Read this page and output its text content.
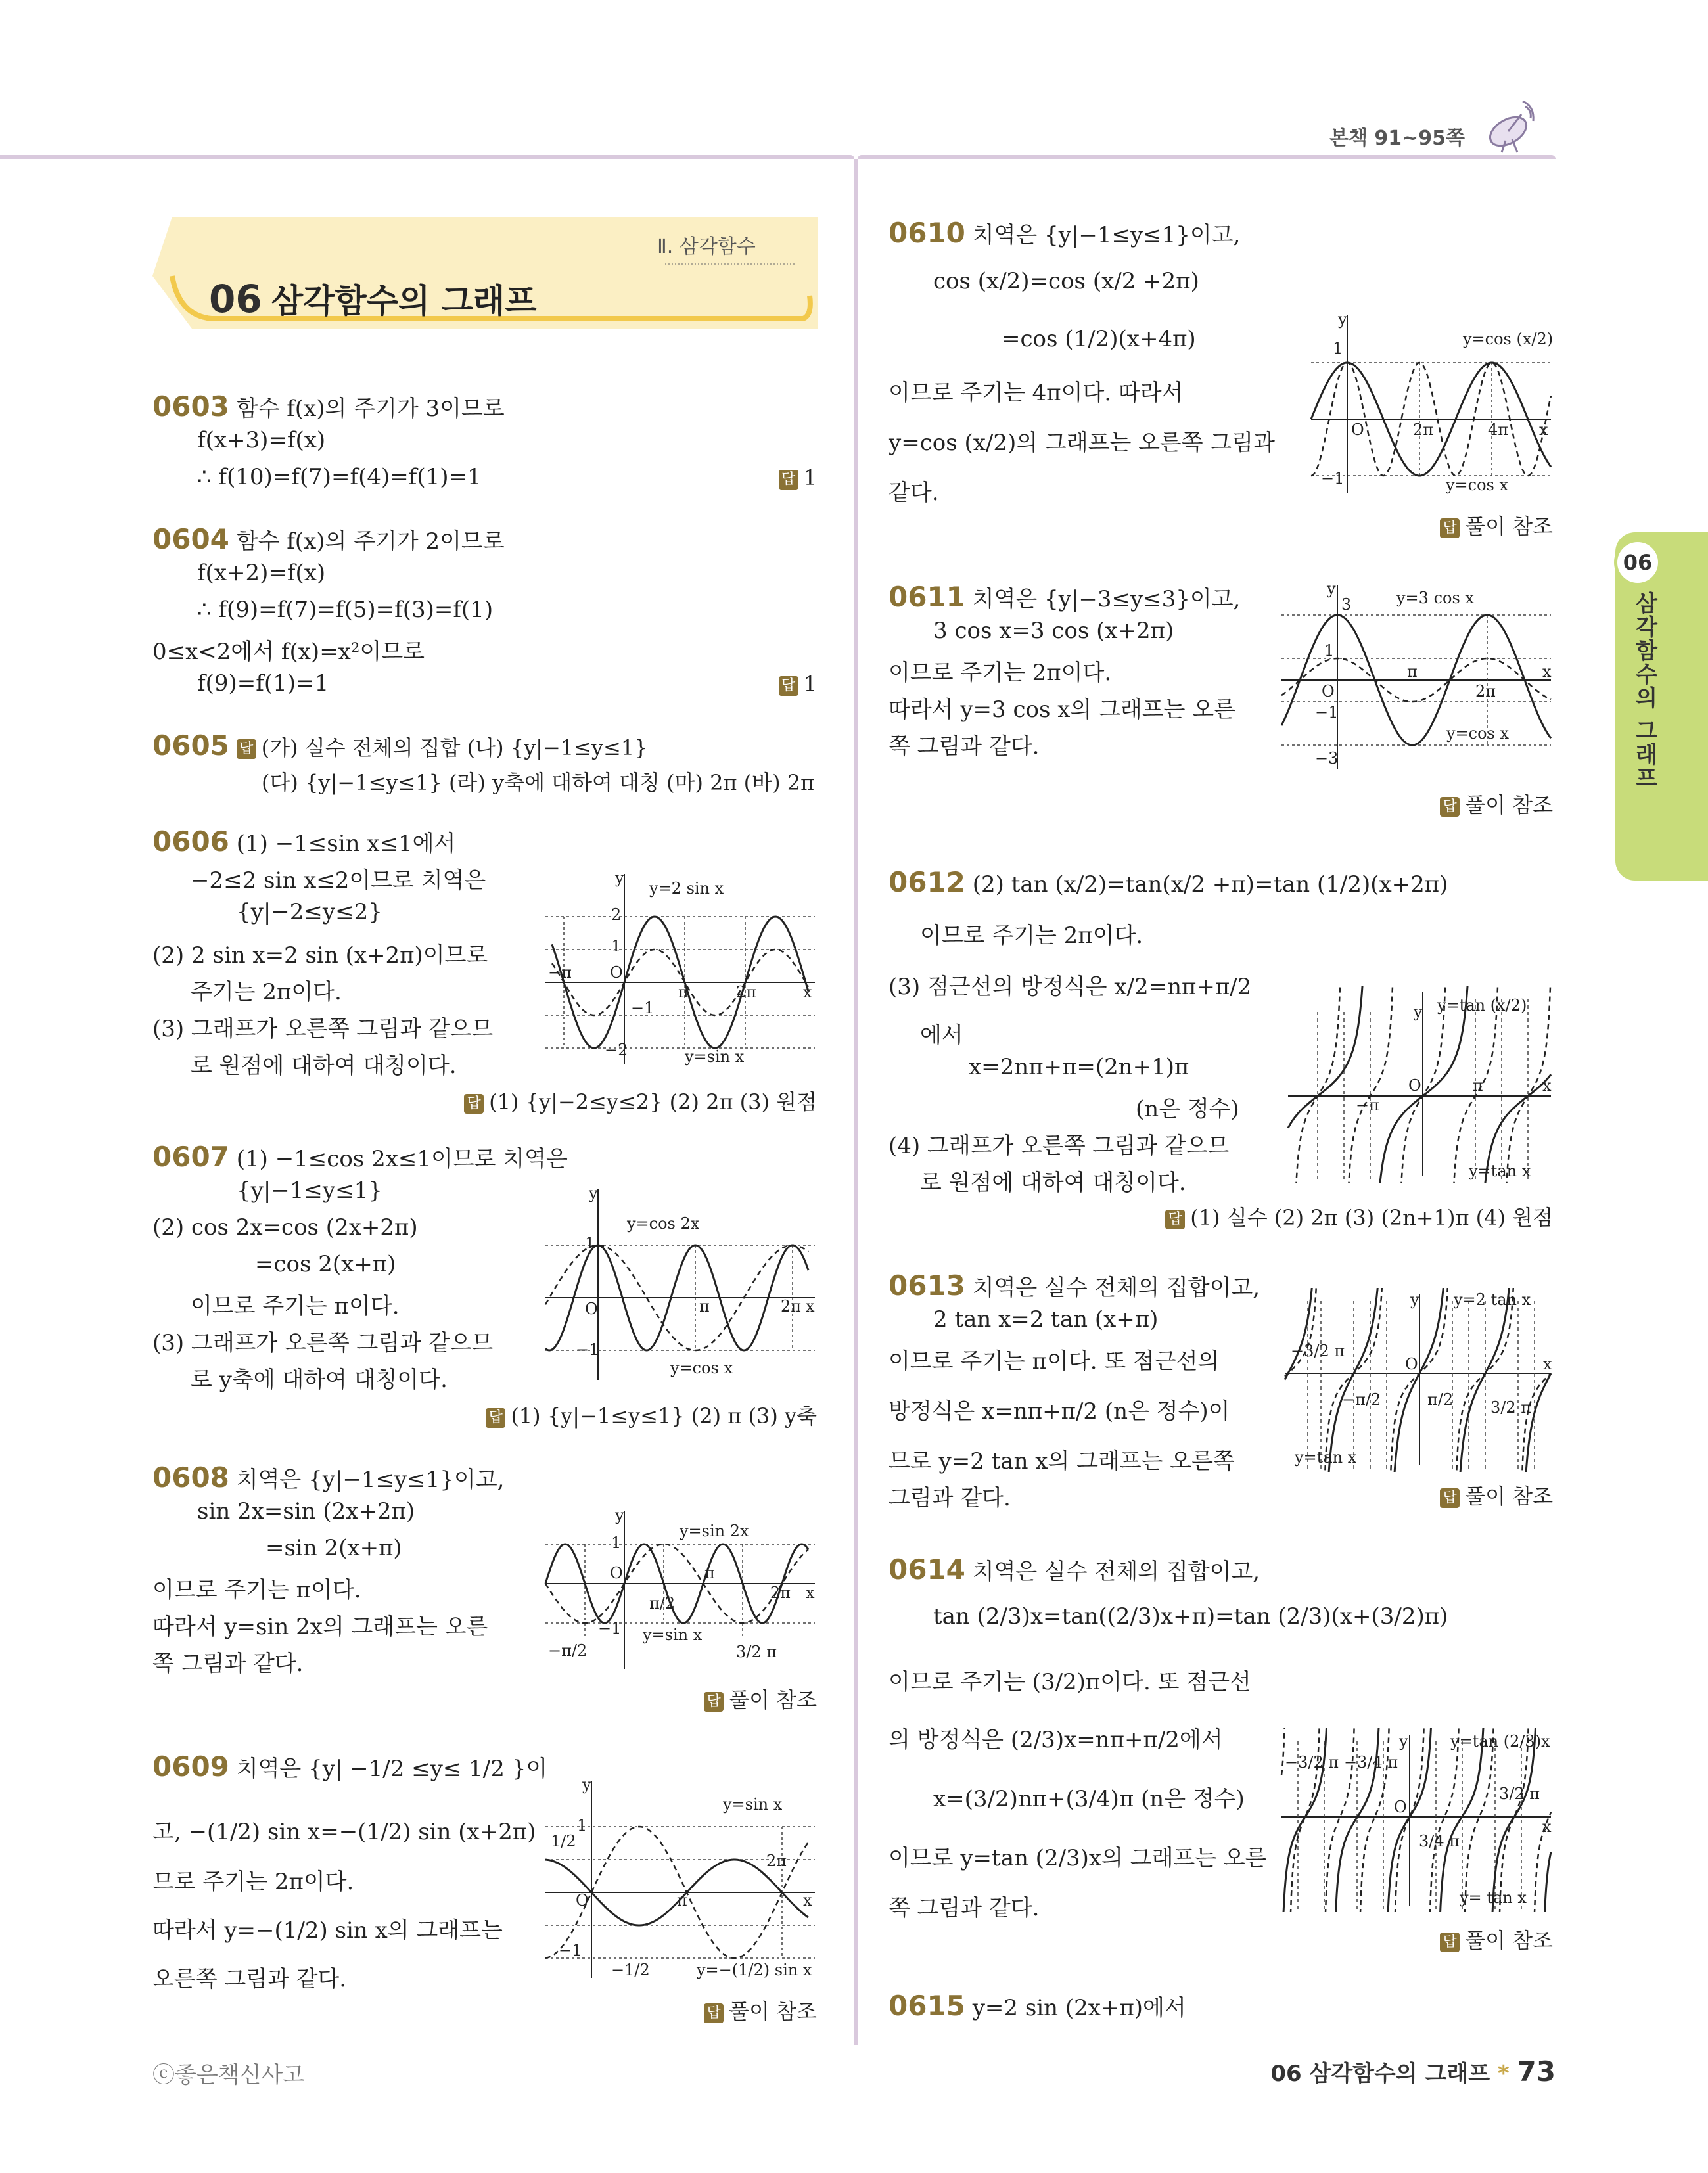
본책 91~95쪽
06
삼각함수의 그래프
Ⅱ. 삼각함수
06 삼각함수의 그래프
0603 함수 f(x)의 주기가 3이므로
f(x+3)=f(x)
∴ f(10)=f(7)=f(4)=f(1)=1	답 1
0604 함수 f(x)의 주기가 2이므로
f(x+2)=f(x)
∴ f(9)=f(7)=f(5)=f(3)=f(1)
0≤x<2에서 f(x)=x²이므로
f(9)=f(1)=1	답 1
0605 답 (가) 실수 전체의 집합 (나) {y|−1≤y≤1}
(다) {y|−1≤y≤1} (라) y축에 대하여 대칭 (마) 2π (바) 2π
0606 (1) −1≤sin x≤1에서
−2≤2 sin x≤2이므로 치역은
{y|−2≤y≤2}
(2) 2 sin x=2 sin (x+2π)이므로
주기는 2π이다.
(3) 그래프가 오른쪽 그림과 같으므
로 원점에 대하여 대칭이다.
답 (1) {y|−2≤y≤2} (2) 2π (3) 원점
y=2 sin x
y=sin x
2
1
−1
−2
O
−π
π	2π	x
y
0607 (1) −1≤cos 2x≤1이므로 치역은
{y|−1≤y≤1}
(2) cos 2x=cos (2x+2π)
=cos 2(x+π)
이므로 주기는 π이다.
(3) 그래프가 오른쪽 그림과 같으므
로 y축에 대하여 대칭이다.
답 (1) {y|−1≤y≤1} (2) π (3) y축
y=cos 2x
y=cos x
1
−1
O	π	2π x
y
0608 치역은 {y|−1≤y≤1}이고,
sin 2x=sin (2x+2π)
=sin 2(x+π)
이므로 주기는 π이다.
따라서 y=sin 2x의 그래프는 오른
쪽 그림과 같다.
답 풀이 참조
y=sin 2x
y=sin x
1
−1
O	π
π/2
−π/2	3/2 π
2π x
y
0609 치역은 {y| −1/2 ≤y≤ 1/2 }이
고, −(1/2) sin x=−(1/2) sin (x+2π)
므로 주기는 2π이다.
따라서 y=−(1/2) sin x의 그래프는
오른쪽 그림과 같다.
답 풀이 참조
y=sin x
y=−(1/2) sin x
1/2
1
−1
−1/2
O	π
2π
x
y
0610 치역은 {y|−1≤y≤1}이고,
cos (x/2)=cos (x/2 +2π)
=cos (1/2)(x+4π)
이므로 주기는 4π이다. 따라서
y=cos (x/2)의 그래프는 오른쪽 그림과
같다.
답 풀이 참조
y=cos (x/2)
y=cos x
1
−1
O	2π	4π x
y
0611 치역은 {y|−3≤y≤3}이고,
3 cos x=3 cos (x+2π)
이므로 주기는 2π이다.
따라서 y=3 cos x의 그래프는 오른
쪽 그림과 같다.
답 풀이 참조
y=3 cos x
y=cos x
3
1
−1
−3
O
π
2π
x
y
0612 (2) tan (x/2)=tan(x/2 +π)=tan (1/2)(x+2π)
이므로 주기는 2π이다.
(3) 점근선의 방정식은 x/2=nπ+π/2
에서
x=2nπ+π=(2n+1)π
(n은 정수)
(4) 그래프가 오른쪽 그림과 같으므
로 원점에 대하여 대칭이다.
답 (1) 실수 (2) 2π (3) (2n+1)π (4) 원점
y=tan (x/2)
y=tan x
O
−π
π	x
y
0613 치역은 실수 전체의 집합이고,
2 tan x=2 tan (x+π)
이므로 주기는 π이다. 또 점근선의
방정식은 x=nπ+π/2 (n은 정수)이
므로 y=2 tan x의 그래프는 오른쪽
그림과 같다.	답 풀이 참조
y=2 tan x
y=tan x
O
−3/2 π
−π/2	π/2 3/2 π
x
y
0614 치역은 실수 전체의 집합이고,
tan (2/3)x=tan((2/3)x+π)=tan (2/3)(x+(3/2)π)
이므로 주기는 (3/2)π이다. 또 점근선
의 방정식은 (2/3)x=nπ+π/2에서
x=(3/2)nπ+(3/4)π (n은 정수)
이므로 y=tan (2/3)x의 그래프는 오른
쪽 그림과 같다.
답 풀이 참조
y=tan (2/3)x
y= tan x
O
−3/2 π −3/4 π
3/4 π
3/2 π
x
y
0615 y=2 sin (2x+π)에서
ⓒ좋은책신사고	06 삼각함수의 그래프 * 73
